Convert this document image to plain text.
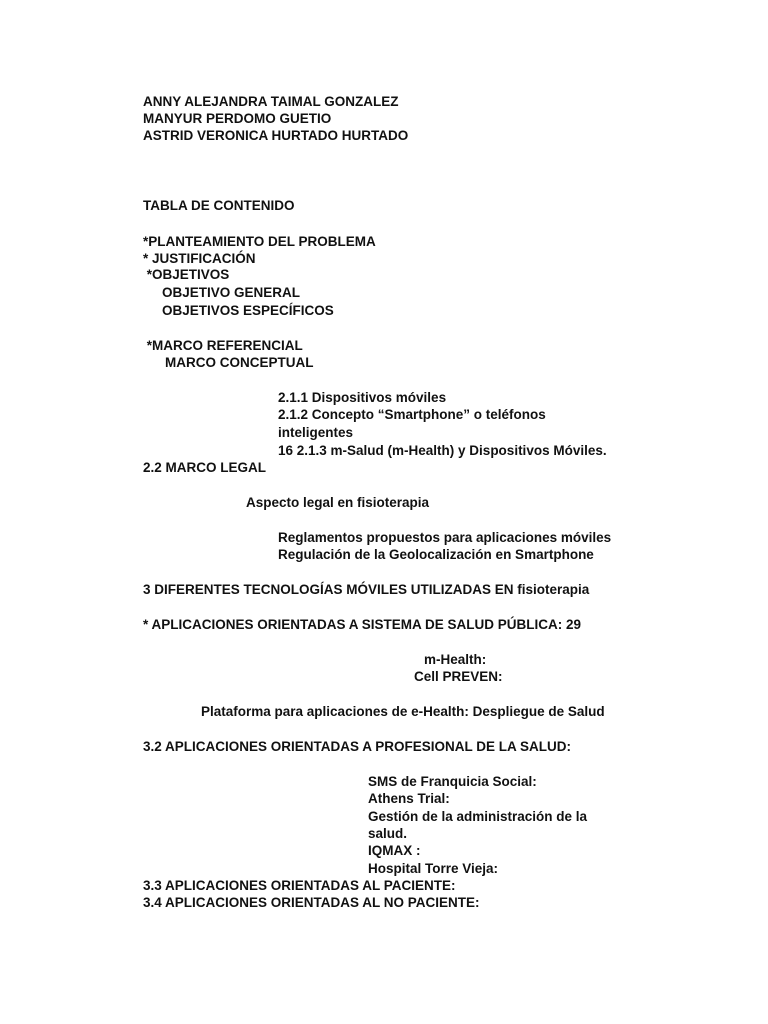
ANNY ALEJANDRA TAIMAL GONZALEZ
MANYUR PERDOMO GUETIO
ASTRID VERONICA HURTADO HURTADO
TABLA DE CONTENIDO
*PLANTEAMIENTO DEL PROBLEMA
* JUSTIFICACIÓN
*OBJETIVOS
OBJETIVO GENERAL
OBJETIVOS ESPECÍFICOS
*MARCO REFERENCIAL
MARCO CONCEPTUAL
2.1.1 Dispositivos móviles
2.1.2 Concepto “Smartphone” o teléfonos
inteligentes
16 2.1.3 m-Salud (m-Health) y Dispositivos Móviles.
2.2 MARCO LEGAL
Aspecto legal en fisioterapia
Reglamentos propuestos para aplicaciones móviles
Regulación de la Geolocalización en Smartphone
3 DIFERENTES TECNOLOGÍAS MÓVILES UTILIZADAS EN fisioterapia
* APLICACIONES ORIENTADAS A SISTEMA DE SALUD PÚBLICA: 29
m-Health:
Cell PREVEN:
Plataforma para aplicaciones de e-Health: Despliegue de Salud
3.2 APLICACIONES ORIENTADAS A PROFESIONAL DE LA SALUD:
SMS de Franquicia Social:
Athens Trial:
Gestión de la administración de la
salud.
IQMAX :
Hospital Torre Vieja:
3.3 APLICACIONES ORIENTADAS AL PACIENTE:
3.4 APLICACIONES ORIENTADAS AL NO PACIENTE:
